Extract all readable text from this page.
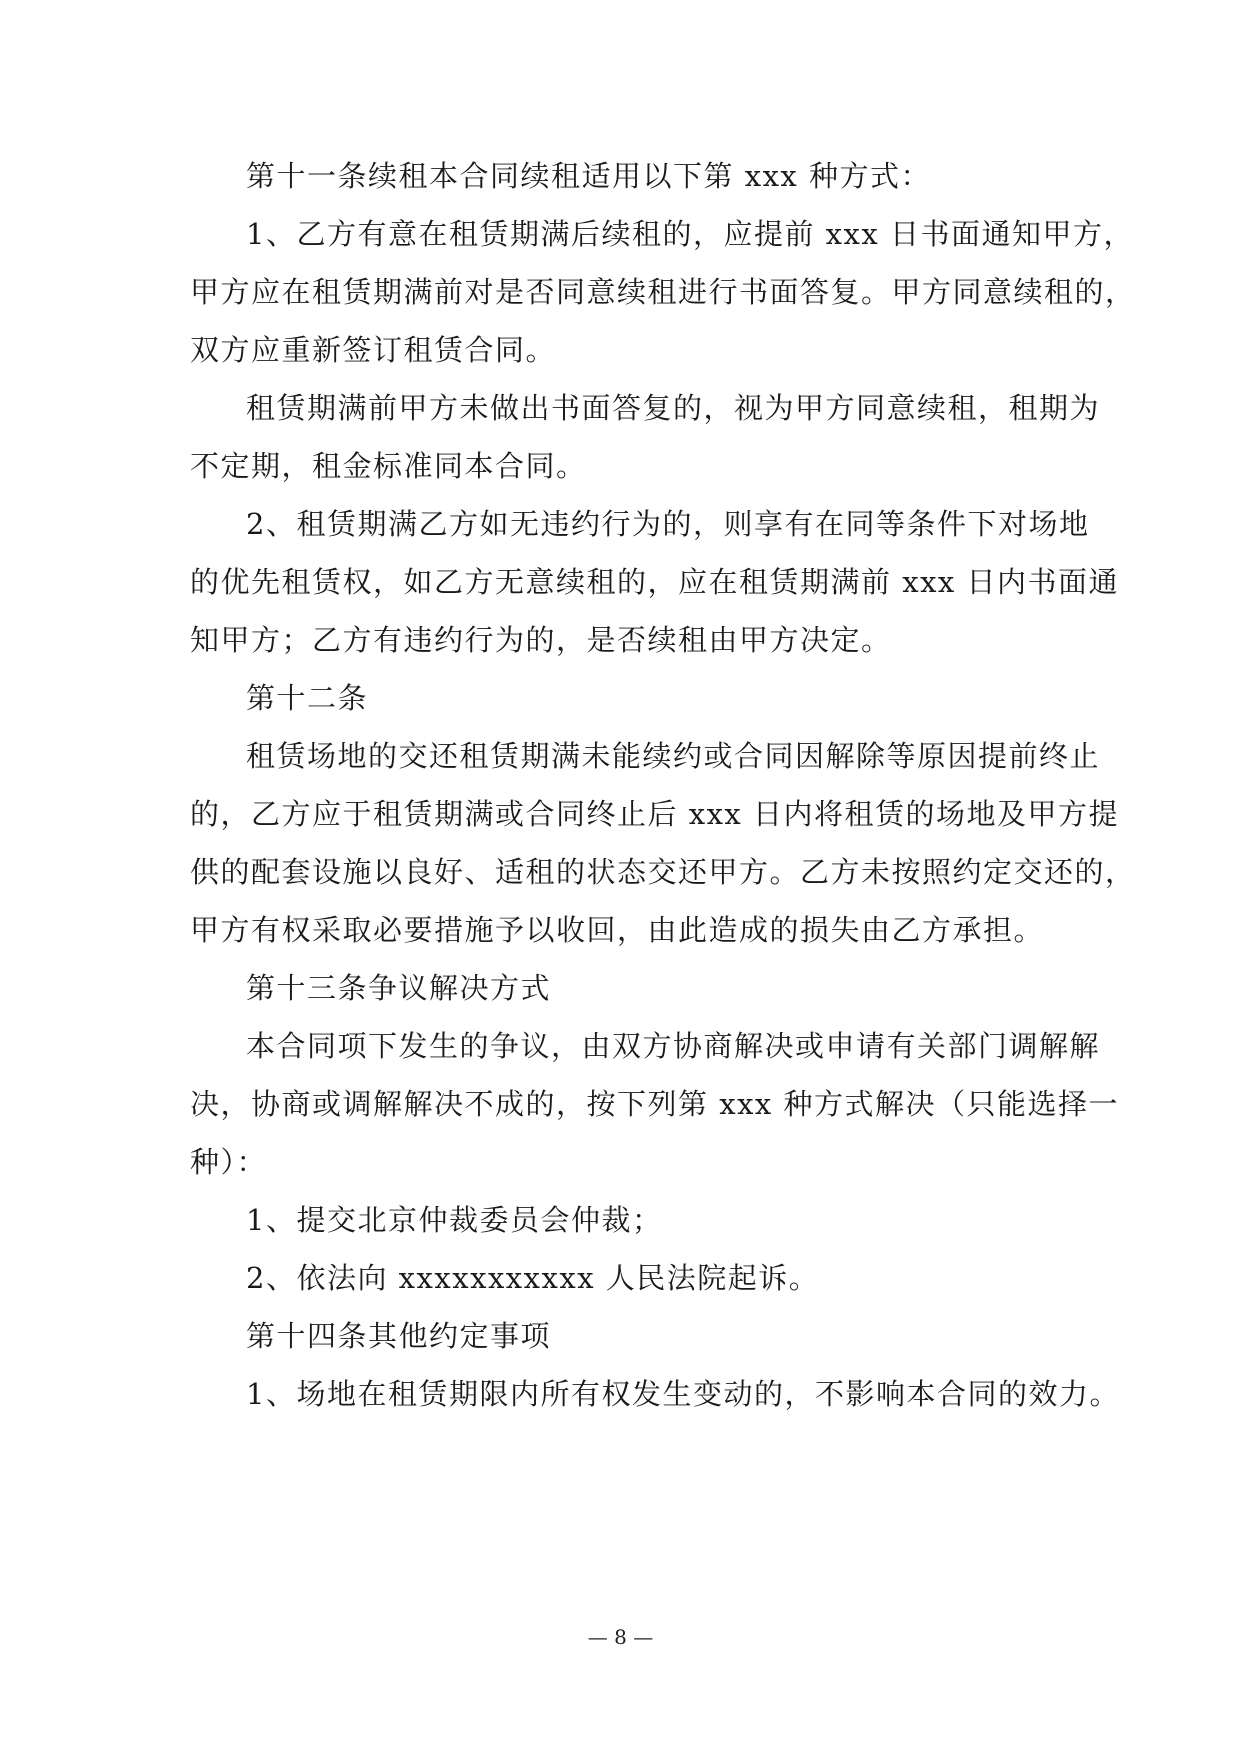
第十一条续租本合同续租适用以下第 xxx 种方式：
1、乙方有意在租赁期满后续租的，应提前 xxx 日书面通知甲方，
甲方应在租赁期满前对是否同意续租进行书面答复。甲方同意续租的，
双方应重新签订租赁合同。
租赁期满前甲方未做出书面答复的，视为甲方同意续租，租期为
不定期，租金标准同本合同。
2、租赁期满乙方如无违约行为的，则享有在同等条件下对场地
的优先租赁权，如乙方无意续租的，应在租赁期满前 xxx 日内书面通
知甲方；乙方有违约行为的，是否续租由甲方决定。
第十二条
租赁场地的交还租赁期满未能续约或合同因解除等原因提前终止
的，乙方应于租赁期满或合同终止后 xxx 日内将租赁的场地及甲方提
供的配套设施以良好、适租的状态交还甲方。乙方未按照约定交还的，
甲方有权采取必要措施予以收回，由此造成的损失由乙方承担。
第十三条争议解决方式
本合同项下发生的争议，由双方协商解决或申请有关部门调解解
决，协商或调解解决不成的，按下列第 xxx 种方式解决（只能选择一
种）：
1、提交北京仲裁委员会仲裁；
2、依法向 xxxxxxxxxxx 人民法院起诉。
第十四条其他约定事项
1、场地在租赁期限内所有权发生变动的，不影响本合同的效力。
— 8 —
